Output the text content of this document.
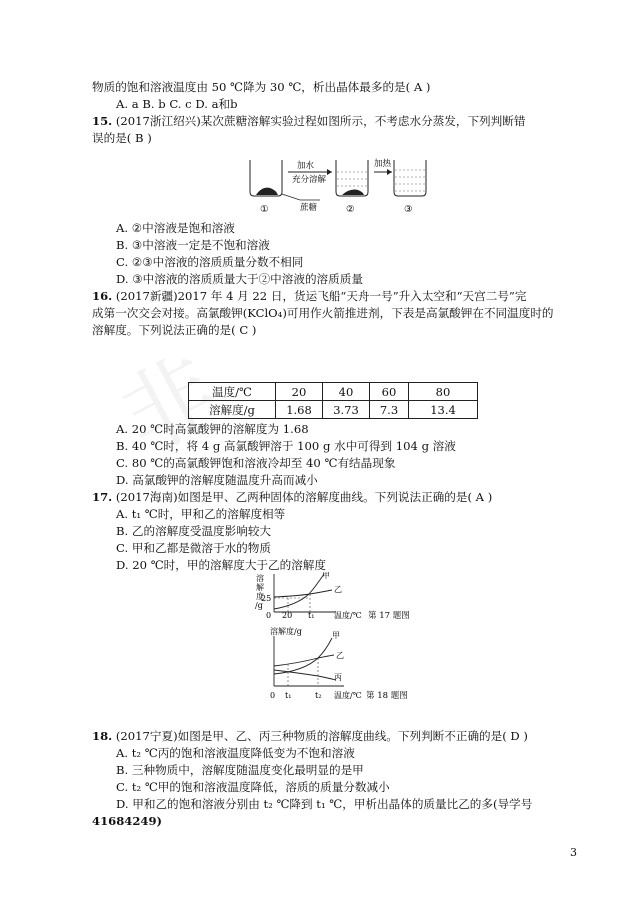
物质的饱和溶液温度由 50 ℃降为 30 ℃，析出晶体最多的是( A )
A. a B. b C. c D. a和b
15. (2017浙江绍兴)某次蔗糖溶解实验过程如图所示，不考虑水分蒸发，下列判断错
误的是( B )
加水
充分溶解
蔗糖
加热
①	②	③
A. ②中溶液是饱和溶液
B. ③中溶液一定是不饱和溶液
C. ②③中溶液的溶质质量分数不相同
D. ③中溶液的溶质质量大于②中溶液的溶质质量
16. (2017新疆)2017 年 4 月 22 日，货运飞船“天舟一号”升入太空和“天宫二号”完
成第一次交会对接。高氯酸钾(KClO₄)可用作火箭推进剂，下表是高氯酸钾在不同温度时的
溶解度。下列说法正确的是( C )
温度/℃	20	40	60	80
溶解度/g	1.68	3.73	7.3	13.4
A. 20 ℃时高氯酸钾的溶解度为 1.68
B. 40 ℃时，将 4 g 高氯酸钾溶于 100 g 水中可得到 104 g 溶液
C. 80 ℃的高氯酸钾饱和溶液冷却至 40 ℃有结晶现象
D. 高氯酸钾的溶解度随温度升高而减小
17. (2017海南)如图是甲、乙两种固体的溶解度曲线。下列说法正确的是( A )
A. t₁ ℃时，甲和乙的溶解度相等
B. 乙的溶解度受温度影响较大
C. 甲和乙都是微溶于水的物质
D. 20 ℃时，甲的溶解度大于乙的溶解度
溶
解
度
/g
25
甲
乙
0 20 t₁ 温度/℃ 第 17 题图
溶解度/g	甲
乙
丙
0 t₁	t₂ 温度/℃ 第 18 题图
18. (2017宁夏)如图是甲、乙、丙三种物质的溶解度曲线。下列判断不正确的是( D )
A. t₂ ℃丙的饱和溶液温度降低变为不饱和溶液
B. 三种物质中，溶解度随温度变化最明显的是甲
C. t₂ ℃甲的饱和溶液温度降低，溶质的质量分数减小
D. 甲和乙的饱和溶液分别由 t₂ ℃降到 t₁ ℃，甲析出晶体的质量比乙的多(导学号
41684249)
3
